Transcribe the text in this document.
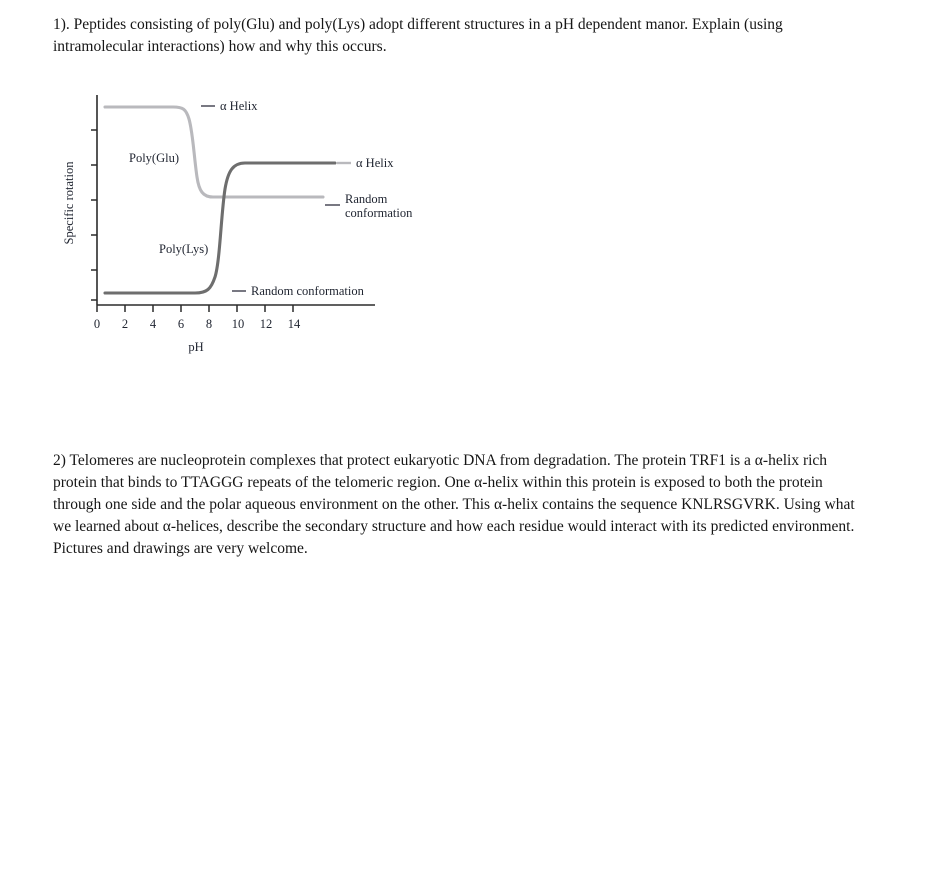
1). Peptides consisting of poly(Glu) and poly(Lys) adopt different structures in a pH dependent manor. Explain (using intramolecular interactions) how and why this occurs.
0 2 4 6 8 10 12 14
pH
Specific rotation
α Helix
α Helix
Random
conformation
Random conformation
Poly(Glu)
Poly(Lys)
2) Telomeres are nucleoprotein complexes that protect eukaryotic DNA from degradation. The protein TRF1 is a α-helix rich protein that binds to TTAGGG repeats of the telomeric region. One α-helix within this protein is exposed to both the protein through one side and the polar aqueous environment on the other. This α-helix contains the sequence KNLRSGVRK. Using what we learned about α-helices, describe the secondary structure and how each residue would interact with its predicted environment. Pictures and drawings are very welcome.
